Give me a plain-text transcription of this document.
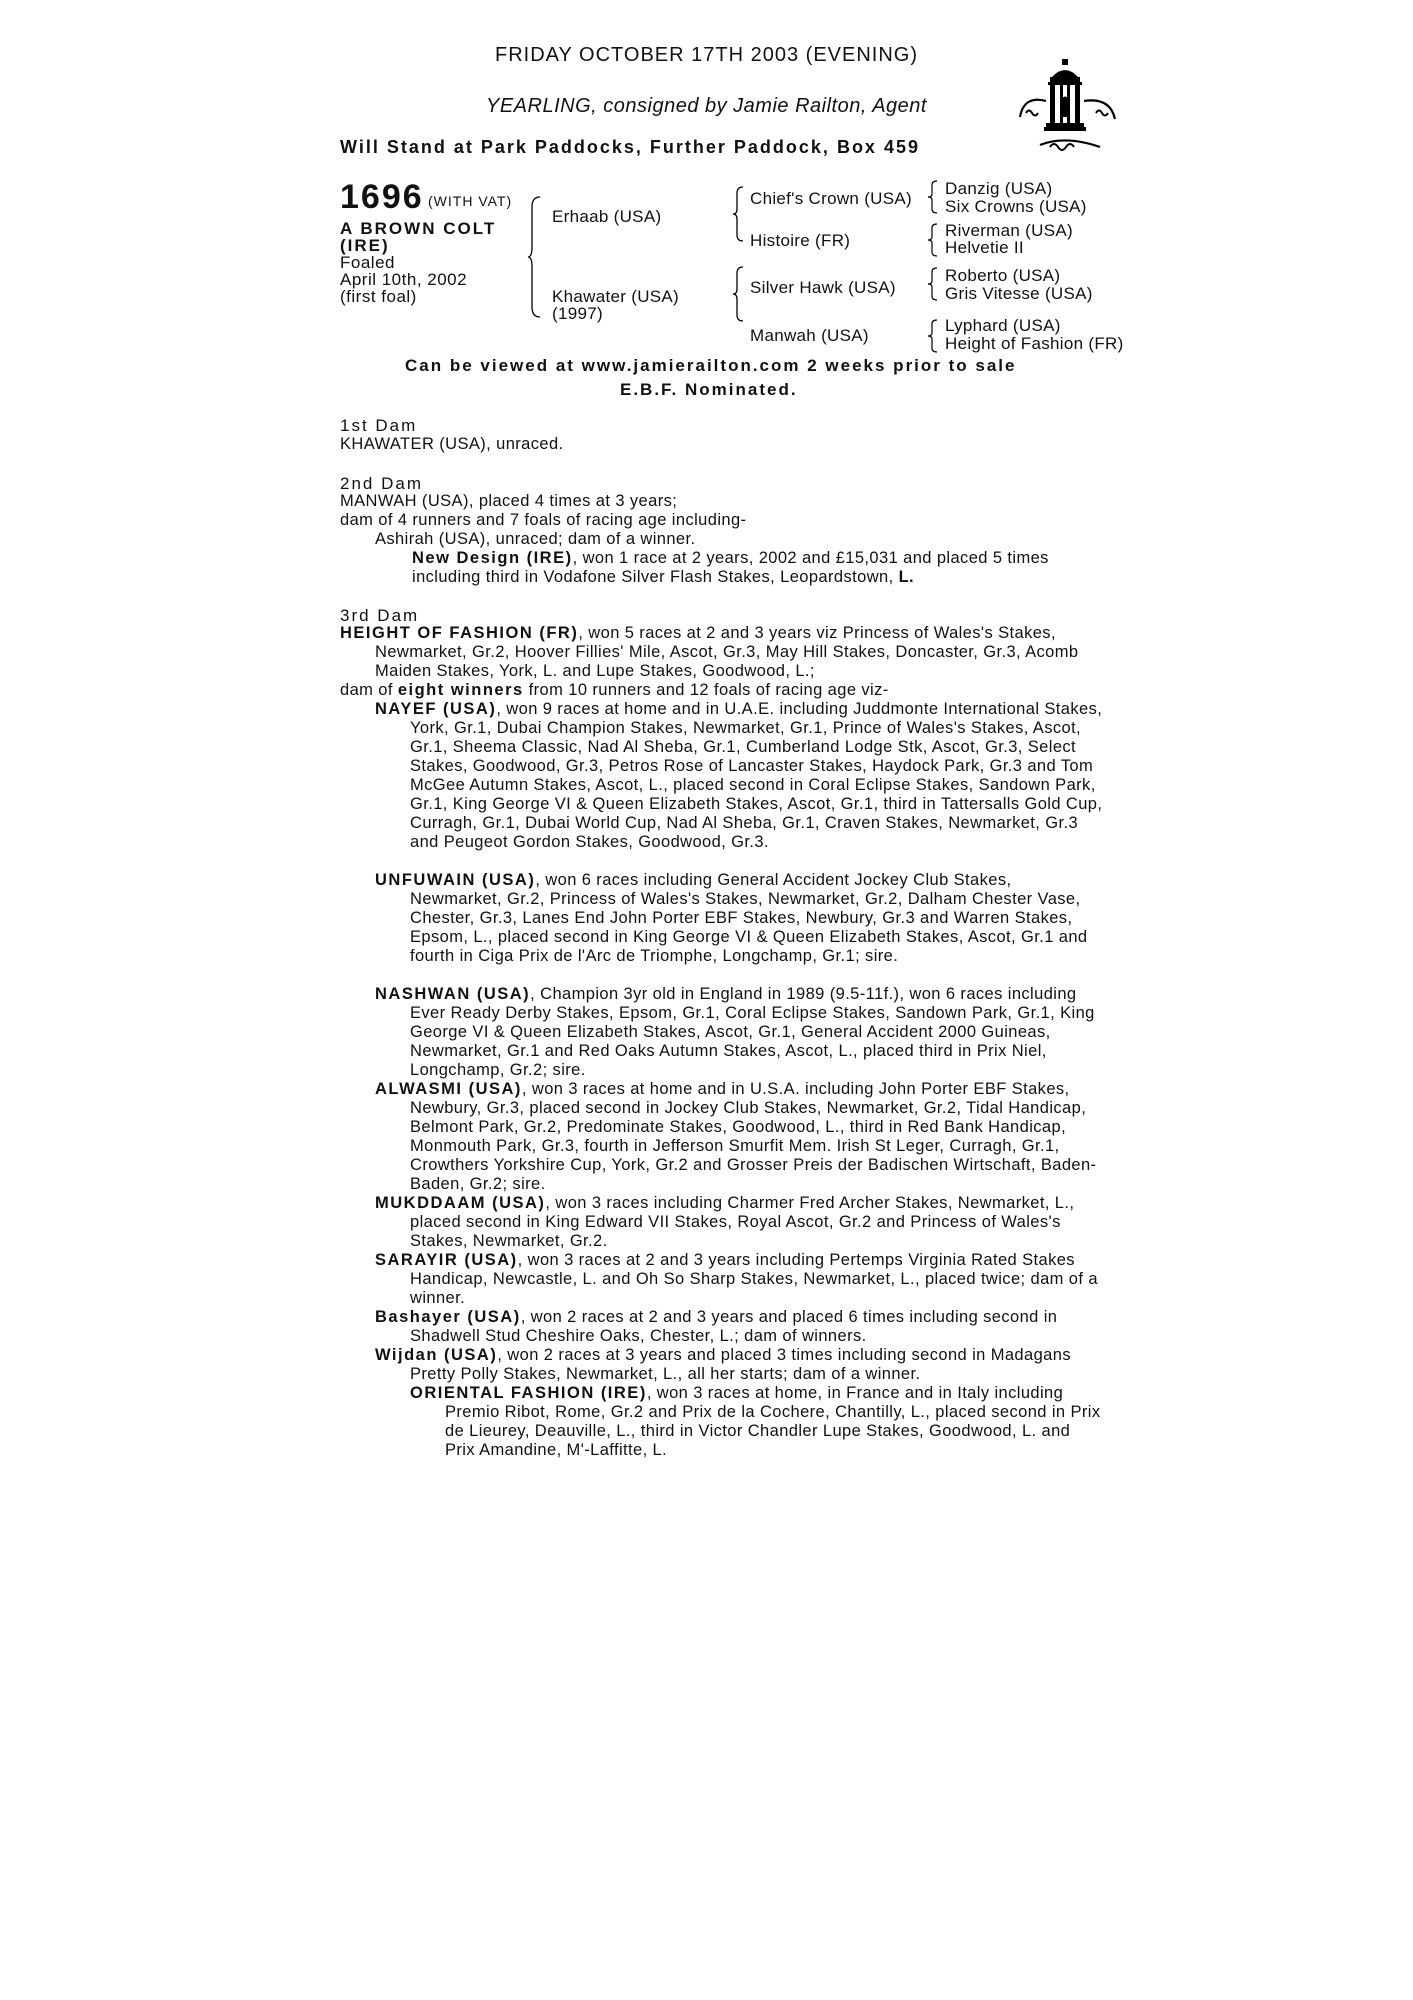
FRIDAY OCTOBER 17TH 2003 (EVENING)
YEARLING, consigned by Jamie Railton, Agent
Will Stand at Park Paddocks, Further Paddock, Box 459
1696 (WITH VAT)
A BROWN COLT
(IRE)
Foaled
April 10th, 2002
(first foal)
Erhaab (USA)
Khawater (USA)
(1997)
Chief's Crown (USA)
Histoire (FR)
Silver Hawk (USA)
Manwah (USA)
Danzig (USA)
Six Crowns (USA)
Riverman (USA)
Helvetie II
Roberto (USA)
Gris Vitesse (USA)
Lyphard (USA)
Height of Fashion (FR)
Can be viewed at www.jamierailton.com 2 weeks prior to sale
E.B.F. Nominated.
1st Dam
KHAWATER (USA), unraced.
2nd Dam
MANWAH (USA), placed 4 times at 3 years;
dam of 4 runners and 7 foals of racing age including-
Ashirah (USA), unraced; dam of a winner.
New Design (IRE), won 1 race at 2 years, 2002 and £15,031 and placed 5 times including third in Vodafone Silver Flash Stakes, Leopardstown, L.
3rd Dam
HEIGHT OF FASHION (FR), won 5 races at 2 and 3 years viz Princess of Wales's Stakes, Newmarket, Gr.2, Hoover Fillies' Mile, Ascot, Gr.3, May Hill Stakes, Doncaster, Gr.3, Acomb Maiden Stakes, York, L. and Lupe Stakes, Goodwood, L.;
dam of eight winners from 10 runners and 12 foals of racing age viz-
NAYEF (USA), won 9 races at home and in U.A.E. including Juddmonte International Stakes, York, Gr.1, Dubai Champion Stakes, Newmarket, Gr.1, Prince of Wales's Stakes, Ascot, Gr.1, Sheema Classic, Nad Al Sheba, Gr.1, Cumberland Lodge Stk, Ascot, Gr.3, Select Stakes, Goodwood, Gr.3, Petros Rose of Lancaster Stakes, Haydock Park, Gr.3 and Tom McGee Autumn Stakes, Ascot, L., placed second in Coral Eclipse Stakes, Sandown Park, Gr.1, King George VI & Queen Elizabeth Stakes, Ascot, Gr.1, third in Tattersalls Gold Cup, Curragh, Gr.1, Dubai World Cup, Nad Al Sheba, Gr.1, Craven Stakes, Newmarket, Gr.3 and Peugeot Gordon Stakes, Goodwood, Gr.3.
UNFUWAIN (USA), won 6 races including General Accident Jockey Club Stakes, Newmarket, Gr.2, Princess of Wales's Stakes, Newmarket, Gr.2, Dalham Chester Vase, Chester, Gr.3, Lanes End John Porter EBF Stakes, Newbury, Gr.3 and Warren Stakes, Epsom, L., placed second in King George VI & Queen Elizabeth Stakes, Ascot, Gr.1 and fourth in Ciga Prix de l'Arc de Triomphe, Longchamp, Gr.1; sire.
NASHWAN (USA), Champion 3yr old in England in 1989 (9.5-11f.), won 6 races including Ever Ready Derby Stakes, Epsom, Gr.1, Coral Eclipse Stakes, Sandown Park, Gr.1, King George VI & Queen Elizabeth Stakes, Ascot, Gr.1, General Accident 2000 Guineas, Newmarket, Gr.1 and Red Oaks Autumn Stakes, Ascot, L., placed third in Prix Niel, Longchamp, Gr.2; sire.
ALWASMI (USA), won 3 races at home and in U.S.A. including John Porter EBF Stakes, Newbury, Gr.3, placed second in Jockey Club Stakes, Newmarket, Gr.2, Tidal Handicap, Belmont Park, Gr.2, Predominate Stakes, Goodwood, L., third in Red Bank Handicap, Monmouth Park, Gr.3, fourth in Jefferson Smurfit Mem. Irish St Leger, Curragh, Gr.1, Crowthers Yorkshire Cup, York, Gr.2 and Grosser Preis der Badischen Wirtschaft, Baden-Baden, Gr.2; sire.
MUKDDAAM (USA), won 3 races including Charmer Fred Archer Stakes, Newmarket, L., placed second in King Edward VII Stakes, Royal Ascot, Gr.2 and Princess of Wales's Stakes, Newmarket, Gr.2.
SARAYIR (USA), won 3 races at 2 and 3 years including Pertemps Virginia Rated Stakes Handicap, Newcastle, L. and Oh So Sharp Stakes, Newmarket, L., placed twice; dam of a winner.
Bashayer (USA), won 2 races at 2 and 3 years and placed 6 times including second in Shadwell Stud Cheshire Oaks, Chester, L.; dam of winners.
Wijdan (USA), won 2 races at 3 years and placed 3 times including second in Madagans Pretty Polly Stakes, Newmarket, L., all her starts; dam of a winner.
ORIENTAL FASHION (IRE), won 3 races at home, in France and in Italy including Premio Ribot, Rome, Gr.2 and Prix de la Cochere, Chantilly, L., placed second in Prix de Lieurey, Deauville, L., third in Victor Chandler Lupe Stakes, Goodwood, L. and Prix Amandine, M'-Laffitte, L.
